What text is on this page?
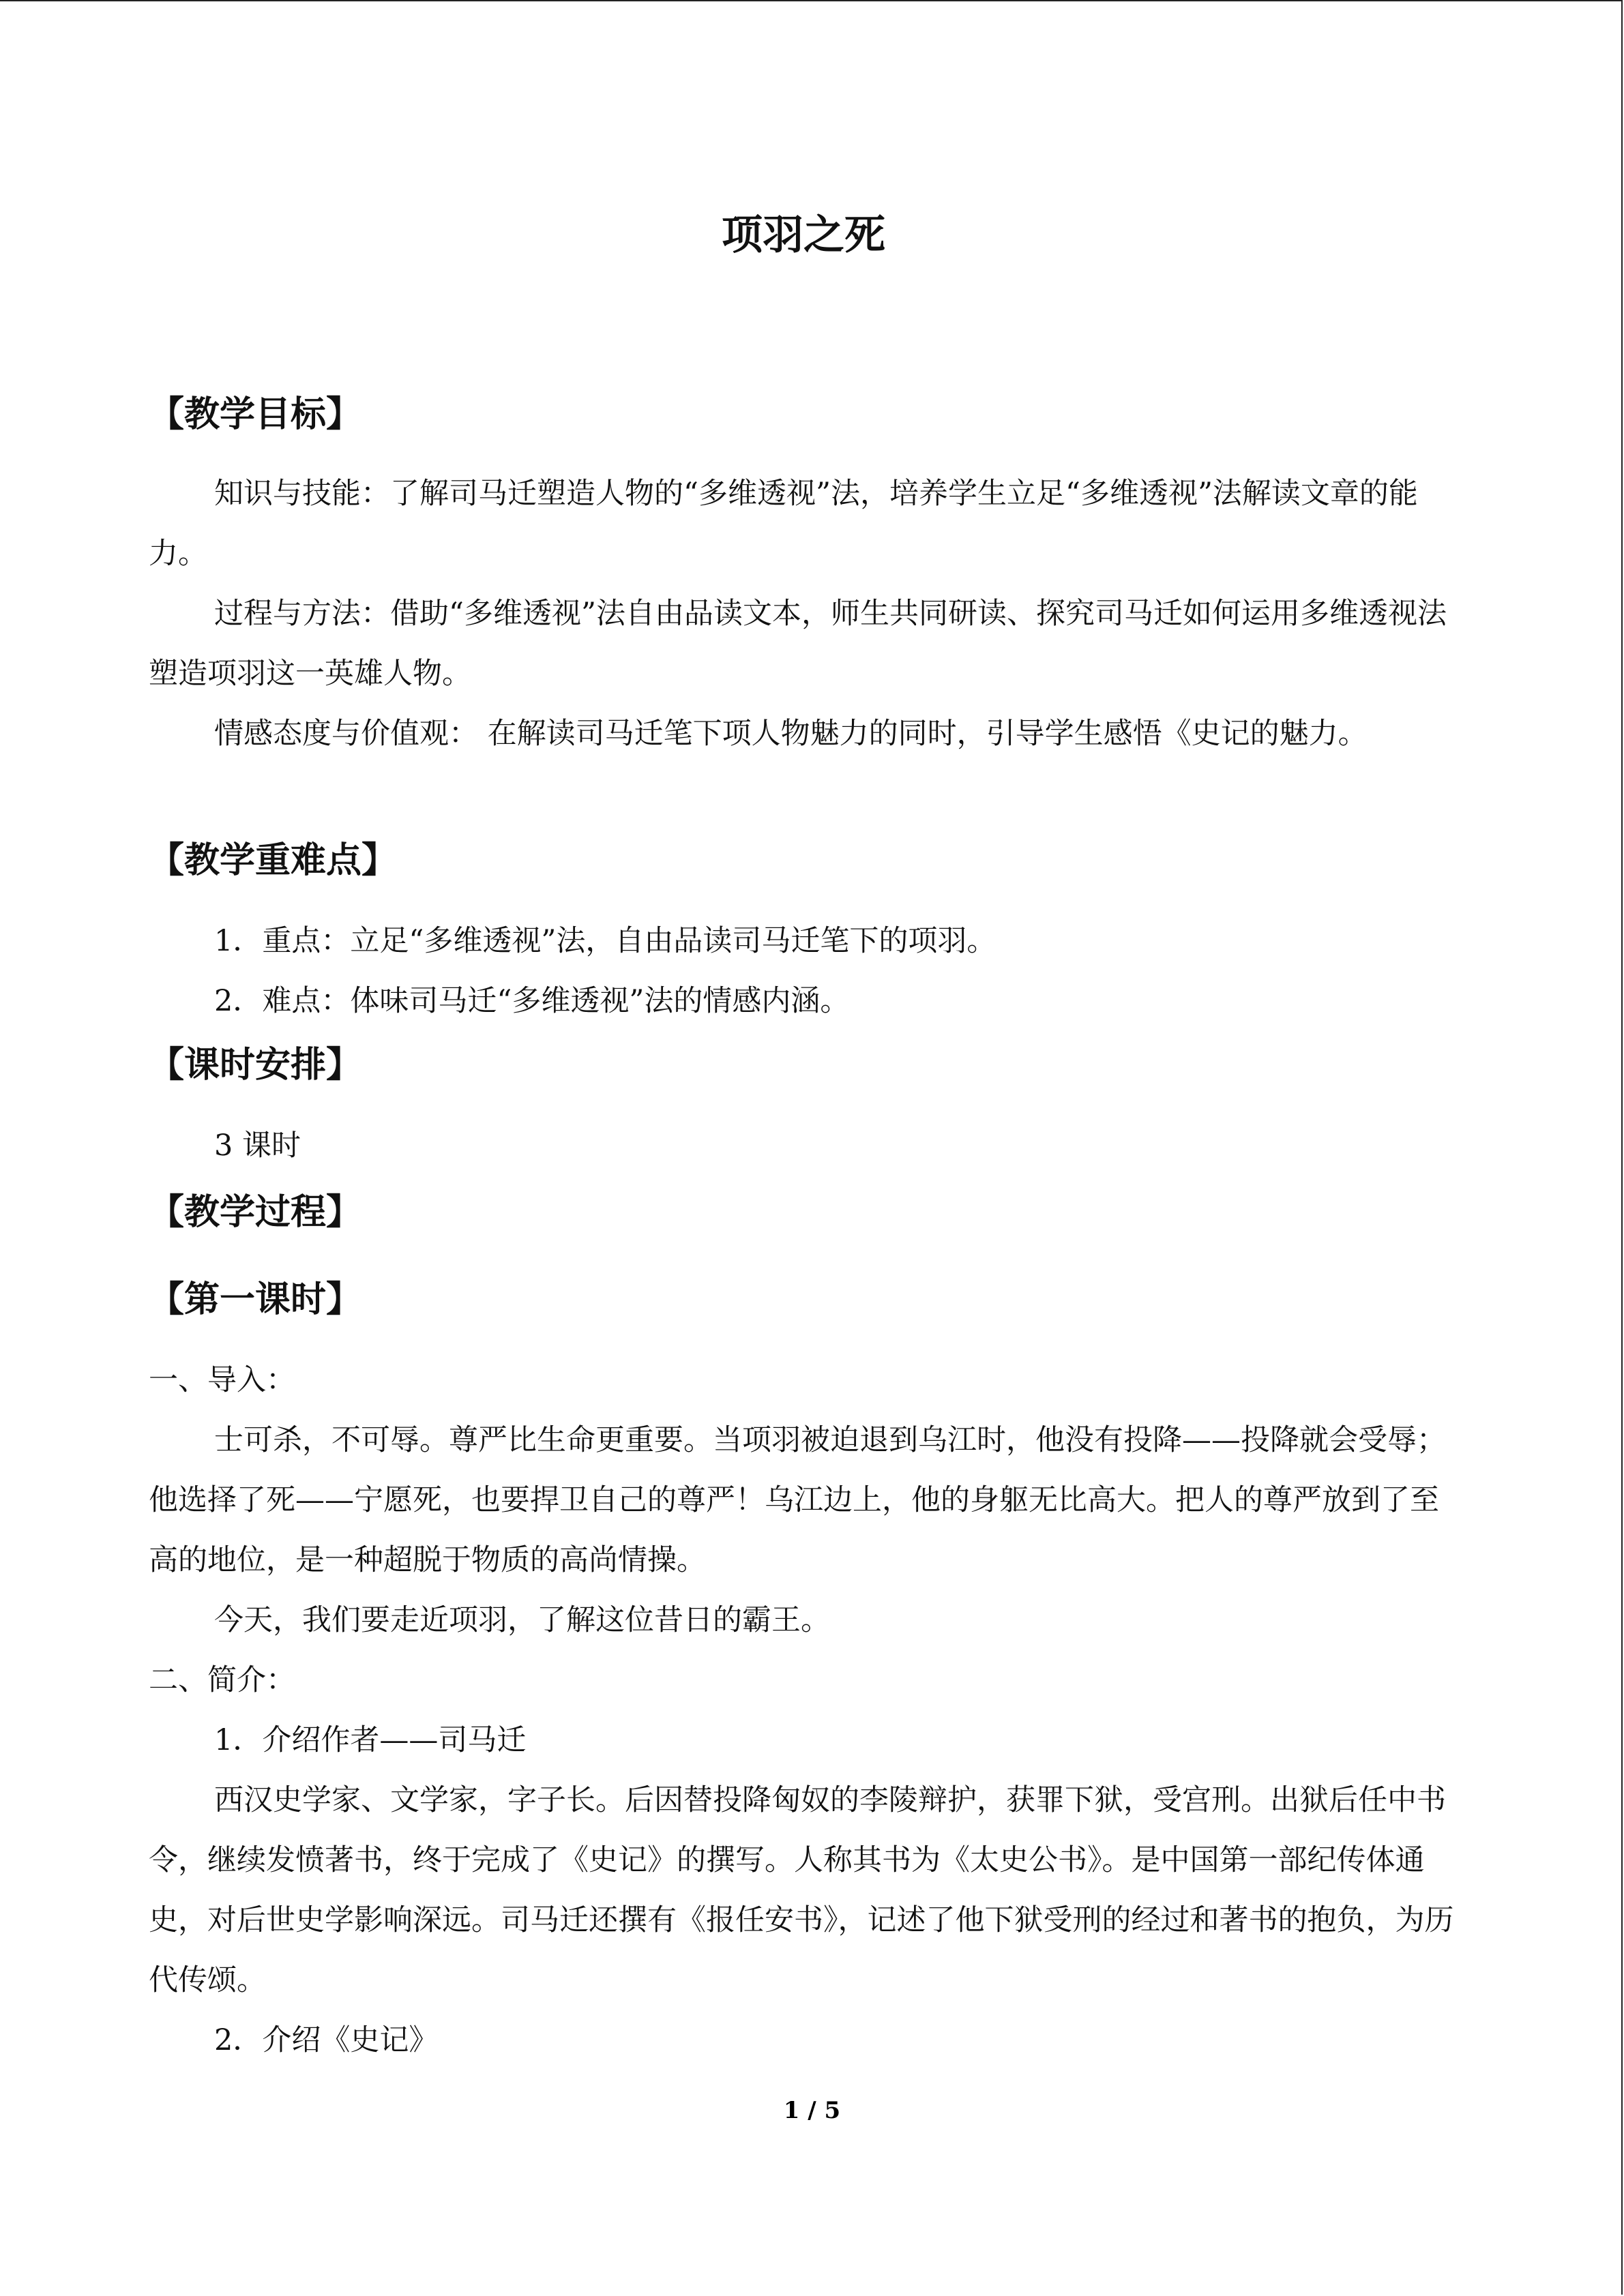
项羽之死
【教学目标】

知识与技能：了解司马迁塑造人物的“多维透视”法，培养学生立足“多维透视”法解读文章的能力。

过程与方法：借助“多维透视”法自由品读文本，师生共同研读、探究司马迁如何运用多维透视法塑造项羽这一英雄人物。

情感态度与价值观： 在解读司马迁笔下项人物魅力的同时，引导学生感悟《史记的魅力。

【教学重难点】

1．重点：立足“多维透视”法，自由品读司马迁笔下的项羽。

2．难点：体味司马迁“多维透视”法的情感内涵。

【课时安排】

3 课时

【教学过程】
【第一课时】

一、导入：

士可杀，不可辱。尊严比生命更重要。当项羽被迫退到乌江时，他没有投降——投降就会受辱；他选择了死——宁愿死，也要捍卫自己的尊严！乌江边上，他的身躯无比高大。把人的尊严放到了至高的地位，是一种超脱于物质的高尚情操。

今天，我们要走近项羽，了解这位昔日的霸王。

二、简介：

1．介绍作者——司马迁

西汉史学家、文学家，字子长。后因替投降匈奴的李陵辩护，获罪下狱，受宫刑。出狱后任中书令，继续发愤著书，终于完成了《史记》的撰写。人称其书为《太史公书》。是中国第一部纪传体通史，对后世史学影响深远。司马迁还撰有《报任安书》，记述了他下狱受刑的经过和著书的抱负，为历代传颂。

2．介绍《史记》

1 / 5
